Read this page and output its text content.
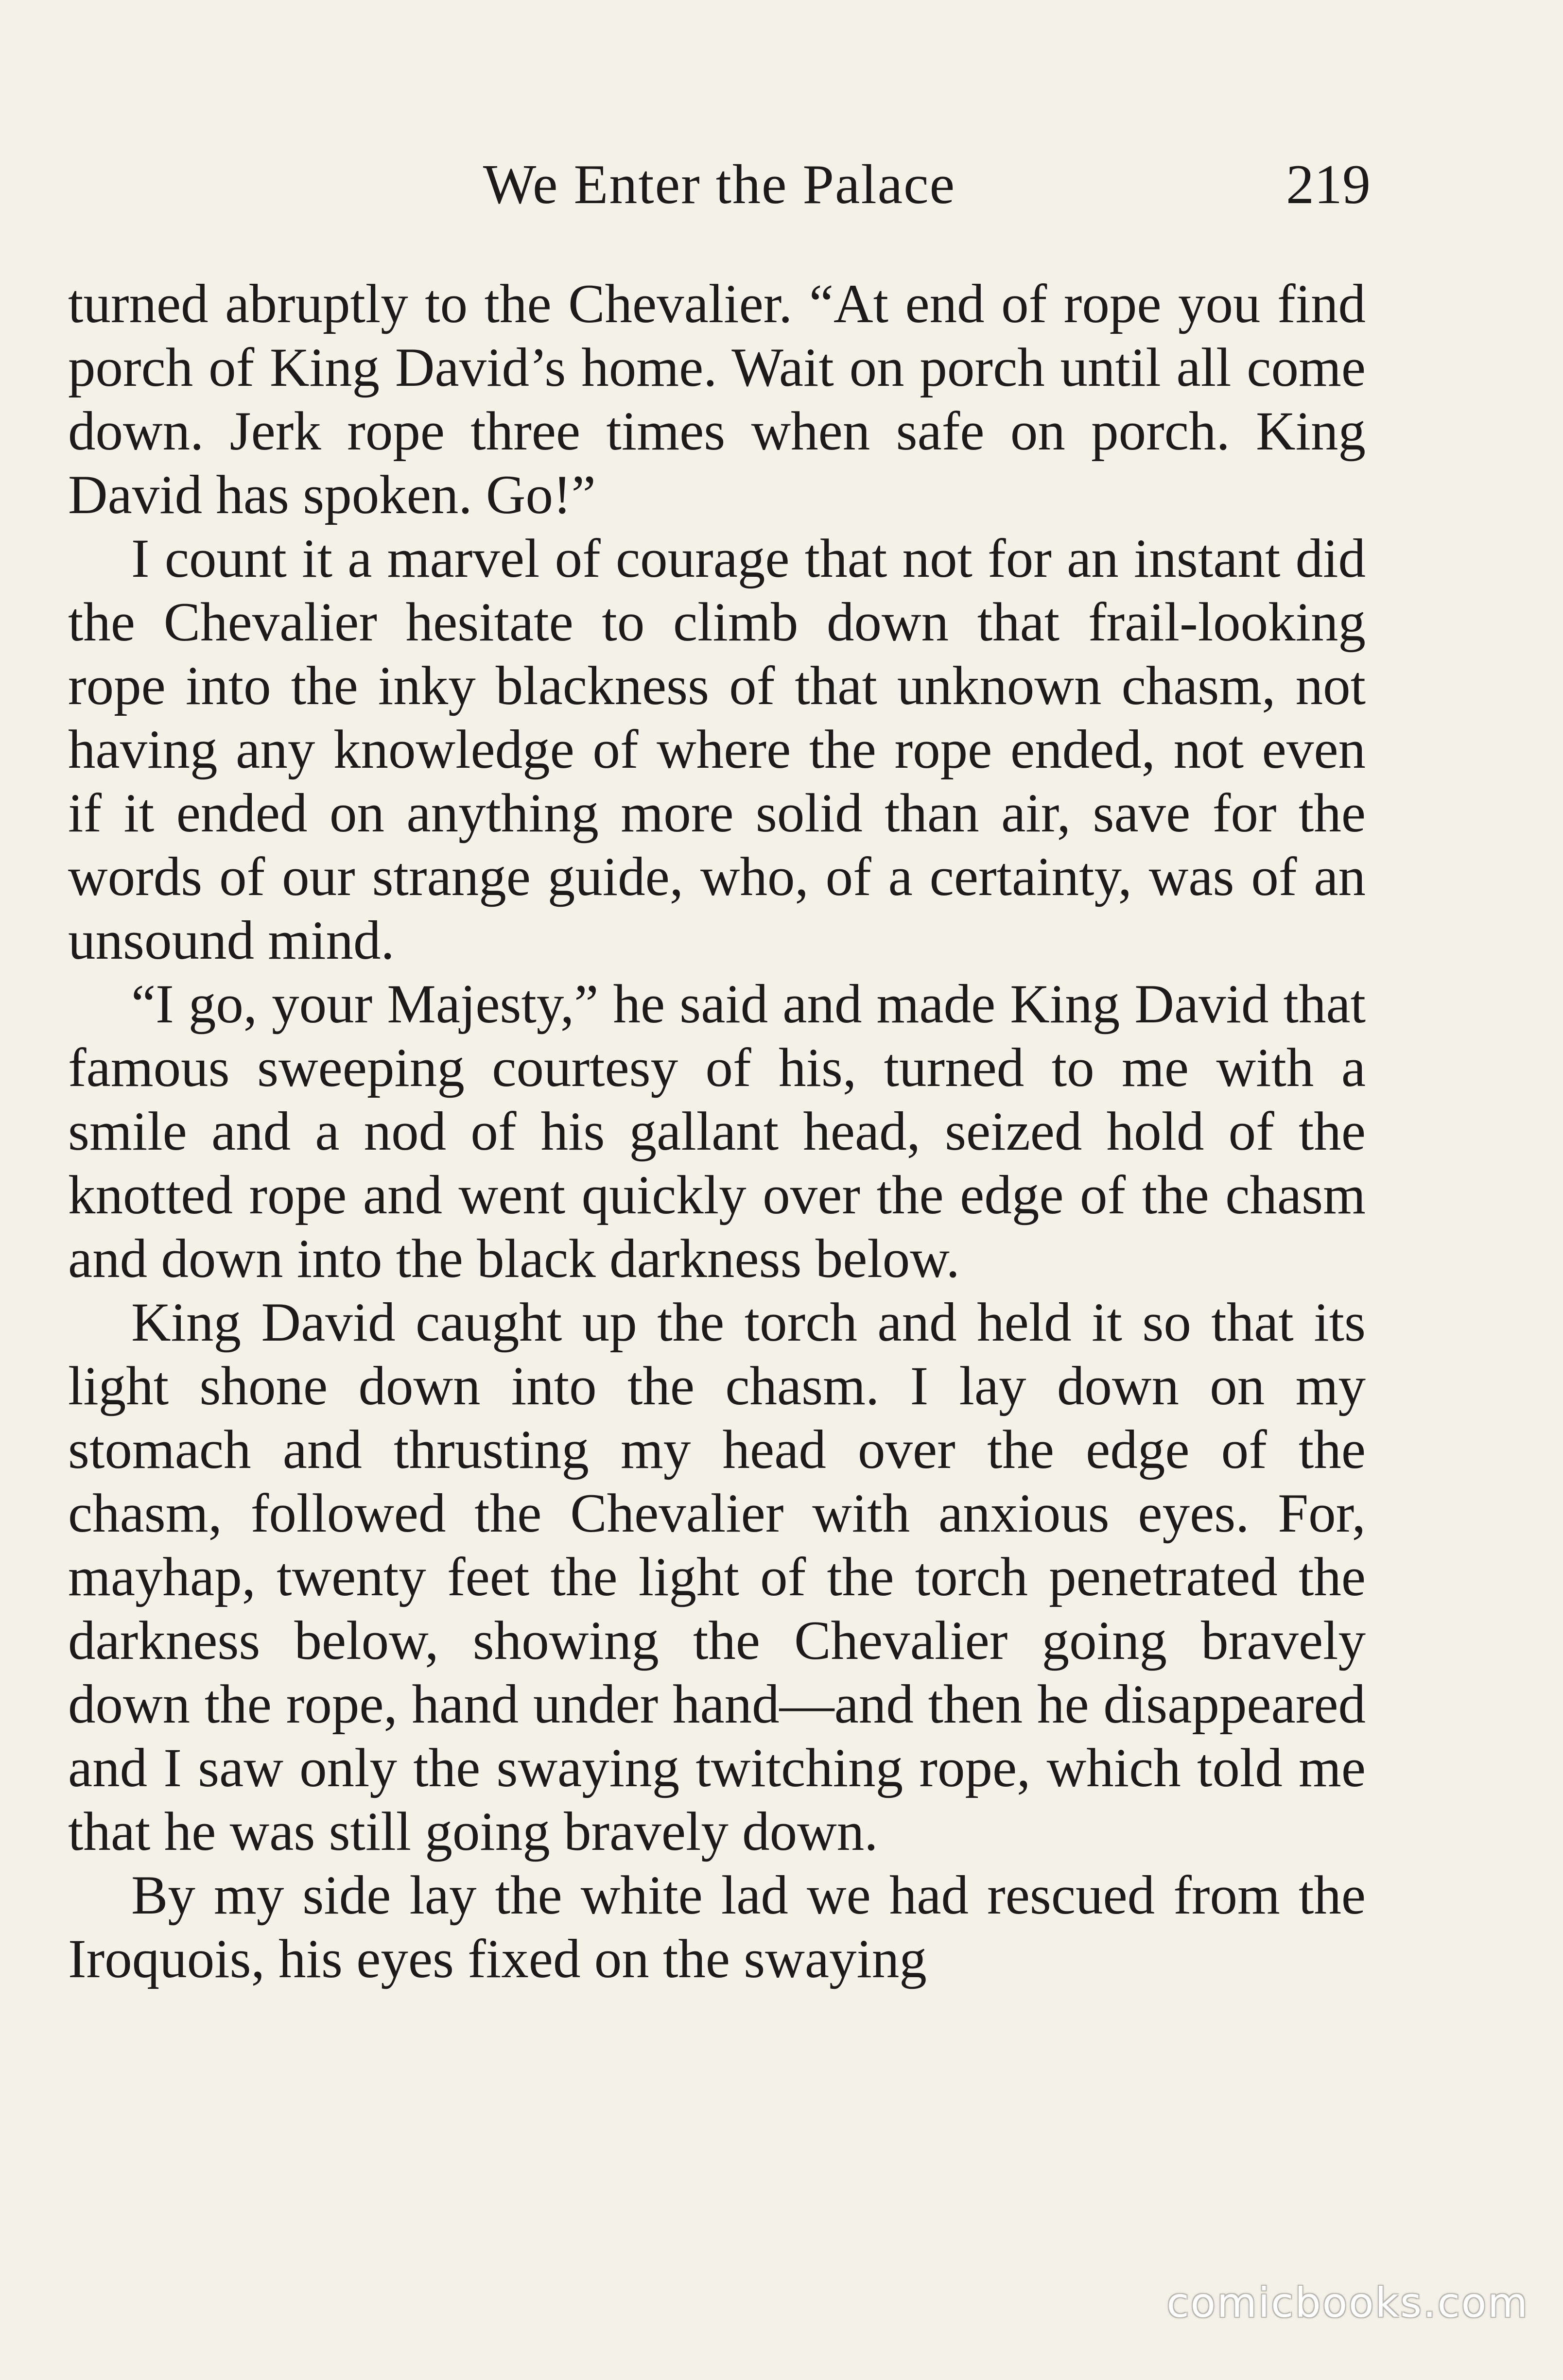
We Enter the Palace	219

turned abruptly to the Chevalier. “At end of rope you find porch of King David’s home. Wait on porch until all come down. Jerk rope three times when safe on porch. King David has spoken. Go!”

I count it a marvel of courage that not for an instant did the Chevalier hesitate to climb down that frail-looking rope into the inky blackness of that unknown chasm, not having any knowledge of where the rope ended, not even if it ended on anything more solid than air, save for the words of our strange guide, who, of a certainty, was of an unsound mind.

“I go, your Majesty,” he said and made King David that famous sweeping courtesy of his, turned to me with a smile and a nod of his gallant head, seized hold of the knotted rope and went quickly over the edge of the chasm and down into the black darkness below.

King David caught up the torch and held it so that its light shone down into the chasm. I lay down on my stomach and thrusting my head over the edge of the chasm, followed the Chevalier with anxious eyes. For, mayhap, twenty feet the light of the torch penetrated the darkness below, showing the Chevalier going bravely down the rope, hand under hand—and then he disappeared and I saw only the swaying twitching rope, which told me that he was still going bravely down.

By my side lay the white lad we had rescued from the Iroquois, his eyes fixed on the swaying

comicbooks.com
